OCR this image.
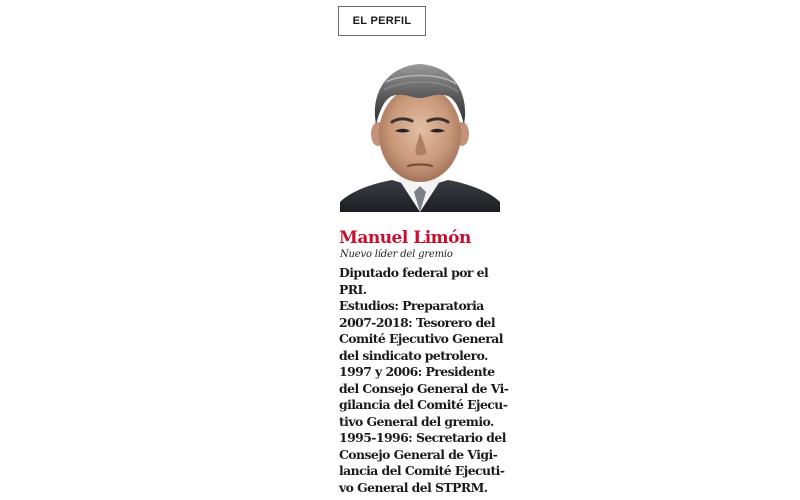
EL PERFIL
Manuel Limón
Nuevo líder del gremio
Diputado federal por el
PRI.
Estudios: Preparatoria
2007-2018: Tesorero del
Comité Ejecutivo General
del sindicato petrolero.
1997 y 2006: Presidente
del Consejo General de Vi-
gilancia del Comité Ejecu-
tivo General del gremio.
1995-1996: Secretario del
Consejo General de Vigi-
lancia del Comité Ejecuti-
vo General del STPRM.
